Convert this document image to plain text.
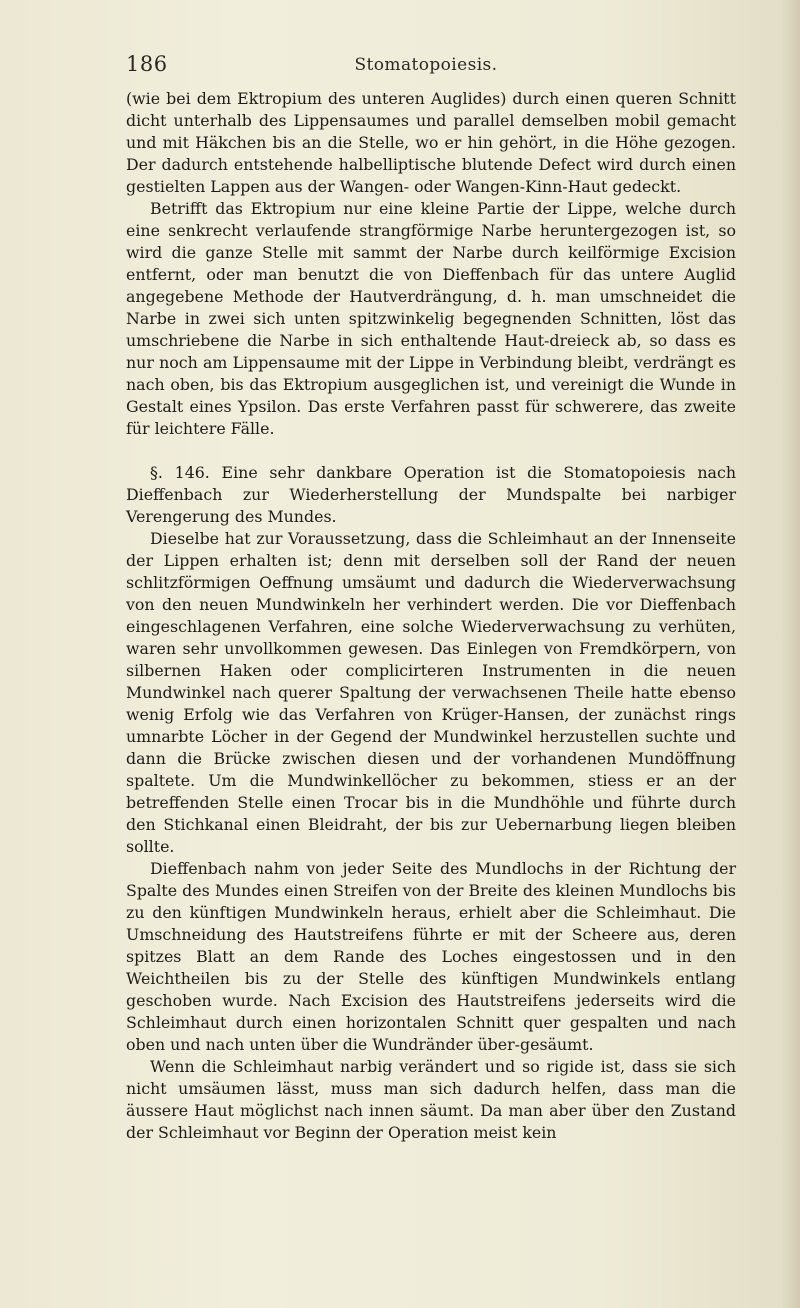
186	Stomatopoiesis.

(wie bei dem Ektropium des unteren Auglides) durch einen queren Schnitt dicht unterhalb des Lippensaumes und parallel demselben mobil gemacht und mit Häkchen bis an die Stelle, wo er hin gehört, in die Höhe gezogen. Der dadurch entstehende halbelliptische blutende Defect wird durch einen gestielten Lappen aus der Wangen- oder Wangen-Kinn-Haut gedeckt.

Betrifft das Ektropium nur eine kleine Partie der Lippe, welche durch eine senkrecht verlaufende strangförmige Narbe heruntergezogen ist, so wird die ganze Stelle mit sammt der Narbe durch keilförmige Excision entfernt, oder man benutzt die von Dieffenbach für das untere Auglid angegebene Methode der Hautverdrängung, d. h. man umschneidet die Narbe in zwei sich unten spitzwinkelig begegnenden Schnitten, löst das umschriebene die Narbe in sich enthaltende Haut-dreieck ab, so dass es nur noch am Lippensaume mit der Lippe in Verbindung bleibt, verdrängt es nach oben, bis das Ektropium ausgeglichen ist, und vereinigt die Wunde in Gestalt eines Ypsilon. Das erste Verfahren passt für schwerere, das zweite für leichtere Fälle.

§. 146. Eine sehr dankbare Operation ist die Stomatopoiesis nach Dieffenbach zur Wiederherstellung der Mundspalte bei narbiger Verengerung des Mundes.

Dieselbe hat zur Voraussetzung, dass die Schleimhaut an der Innenseite der Lippen erhalten ist; denn mit derselben soll der Rand der neuen schlitzförmigen Oeffnung umsäumt und dadurch die Wiederverwachsung von den neuen Mundwinkeln her verhindert werden. Die vor Dieffenbach eingeschlagenen Verfahren, eine solche Wiederverwachsung zu verhüten, waren sehr unvollkommen gewesen. Das Einlegen von Fremdkörpern, von silbernen Haken oder complicirteren Instrumenten in die neuen Mundwinkel nach querer Spaltung der verwachsenen Theile hatte ebenso wenig Erfolg wie das Verfahren von Krüger-Hansen, der zunächst rings umnarbte Löcher in der Gegend der Mundwinkel herzustellen suchte und dann die Brücke zwischen diesen und der vorhandenen Mundöffnung spaltete. Um die Mundwinkellöcher zu bekommen, stiess er an der betreffenden Stelle einen Trocar bis in die Mundhöhle und führte durch den Stichkanal einen Bleidraht, der bis zur Uebernarbung liegen bleiben sollte.

Dieffenbach nahm von jeder Seite des Mundlochs in der Richtung der Spalte des Mundes einen Streifen von der Breite des kleinen Mundlochs bis zu den künftigen Mundwinkeln heraus, erhielt aber die Schleimhaut. Die Umschneidung des Hautstreifens führte er mit der Scheere aus, deren spitzes Blatt an dem Rande des Loches eingestossen und in den Weichtheilen bis zu der Stelle des künftigen Mundwinkels entlang geschoben wurde. Nach Excision des Hautstreifens jederseits wird die Schleimhaut durch einen horizontalen Schnitt quer gespalten und nach oben und nach unten über die Wundränder über-gesäumt.

Wenn die Schleimhaut narbig verändert und so rigide ist, dass sie sich nicht umsäumen lässt, muss man sich dadurch helfen, dass man die äussere Haut möglichst nach innen säumt. Da man aber über den Zustand der Schleimhaut vor Beginn der Operation meist kein
